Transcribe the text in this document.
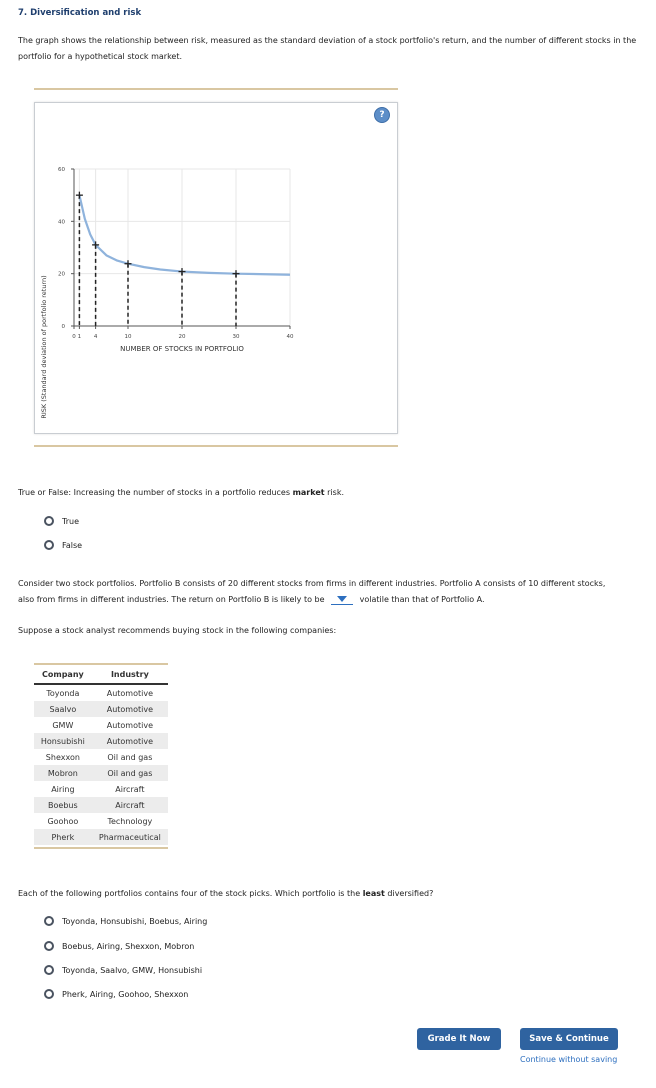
7. Diversification and risk
The graph shows the relationship between risk, measured as the standard deviation of a stock portfolio's return, and the number of different stocks in the portfolio for a hypothetical stock market.
?
RISK (Standard deviation of portfolio return)	NUMBER OF STOCKS IN PORTFOLIO
0
20
40
60
0 1 4	10	20	30	40
True or False: Increasing the number of stocks in a portfolio reduces market risk.
True
False
Consider two stock portfolios. Portfolio B consists of 20 different stocks from firms in different industries. Portfolio A consists of 10 different stocks,
also from firms in different industries. The return on Portfolio B is likely to be	volatile than that of Portfolio A.
Suppose a stock analyst recommends buying stock in the following companies:
Company	Industry
Toyonda	Automotive
Saalvo	Automotive
GMW	Automotive
Honsubishi	Automotive
Shexxon	Oil and gas
Mobron	Oil and gas
Airing	Aircraft
Boebus	Aircraft
Goohoo	Technology
Pherk	Pharmaceutical
Each of the following portfolios contains four of the stock picks. Which portfolio is the least diversified?
Toyonda, Honsubishi, Boebus, Airing
Boebus, Airing, Shexxon, Mobron
Toyonda, Saalvo, GMW, Honsubishi
Pherk, Airing, Goohoo, Shexxon
Grade It Now	Save & Continue
Continue without saving
